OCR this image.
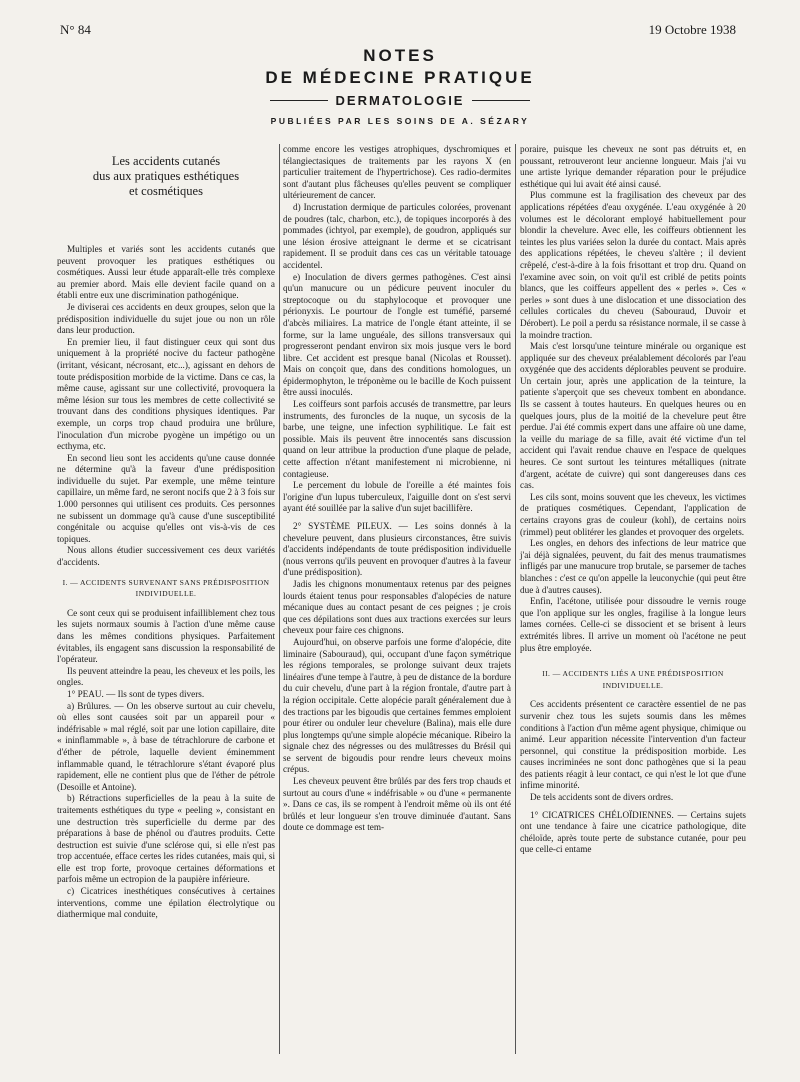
N° 84	19 Octobre 1938
NOTES
DE MÉDECINE PRATIQUE
DERMATOLOGIE
PUBLIÉES PAR LES SOINS DE A. SÉZARY
Les accidents cutanés
dus aux pratiques esthétiques
et cosmétiques

Multiples et variés sont les accidents cutanés que peuvent provoquer les pratiques esthétiques ou cosmétiques. Aussi leur étude apparaît-elle très complexe au premier abord. Mais elle devient facile quand on a établi entre eux une discrimination pathogénique.

Je diviserai ces accidents en deux groupes, selon que la prédisposition individuelle du sujet joue ou non un rôle dans leur production.

En premier lieu, il faut distinguer ceux qui sont dus uniquement à la propriété nocive du facteur pathogène (irritant, vésicant, nécrosant, etc...), agissant en dehors de toute prédisposition morbide de la victime. Dans ce cas, la même cause, agissant sur une collectivité, provoquera la même lésion sur tous les membres de cette collectivité se trouvant dans des conditions physiques identiques. Par exemple, un corps trop chaud produira une brûlure, l'inoculation d'un microbe pyogène un impétigo ou un ecthyma, etc.

En second lieu sont les accidents qu'une cause donnée ne détermine qu'à la faveur d'une prédisposition individuelle du sujet. Par exemple, une même teinture capillaire, un même fard, ne seront nocifs que 2 à 3 fois sur 1.000 personnes qui utilisent ces produits. Ces personnes ne subissent un dommage qu'à cause d'une susceptibilité congénitale ou acquise qu'elles ont vis-à-vis de ces topiques.

Nous allons étudier successivement ces deux variétés d'accidents.

I. — ACCIDENTS SURVENANT SANS PRÉDISPOSITION INDIVIDUELLE.

Ce sont ceux qui se produisent infailliblement chez tous les sujets normaux soumis à l'action d'une même cause dans les mêmes conditions physiques. Parfaitement évitables, ils engagent sans discussion la responsabilité de l'opérateur.

Ils peuvent atteindre la peau, les cheveux et les poils, les ongles.

1° PEAU. — Ils sont de types divers.

a) Brûlures. — On les observe surtout au cuir chevelu, où elles sont causées soit par un appareil pour « indéfrisable » mal réglé, soit par une lotion capillaire, dite « ininflammable », à base de tétrachlorure de carbone et d'éther de pétrole, laquelle devient éminemment inflammable quand, le tétrachlorure s'étant évaporé plus rapidement, elle ne contient plus que de l'éther de pétrole (Desoille et Antoine).

b) Rétractions superficielles de la peau à la suite de traitements esthétiques du type « peeling », consistant en une destruction très superficielle du derme par des préparations à base de phénol ou d'autres produits. Cette destruction est suivie d'une sclérose qui, si elle n'est pas trop accentuée, efface certes les rides cutanées, mais qui, si elle est trop forte, provoque certaines déformations et parfois même un ectropion de la paupière inférieure.

c) Cicatrices inesthétiques consécutives à certaines interventions, comme une épilation électrolytique ou diathermique mal conduite,

comme encore les vestiges atrophiques, dyschromiques et télangiectasiques de traitements par les rayons X (en particulier traitement de l'hypertrichose). Ces radio-dermites sont d'autant plus fâcheuses qu'elles peuvent se compliquer ultérieurement de cancer.

d) Incrustation dermique de particules colorées, provenant de poudres (talc, charbon, etc.), de topiques incorporés à des pommades (ichtyol, par exemple), de goudron, appliqués sur une lésion érosive atteignant le derme et se cicatrisant rapidement. Il se produit dans ces cas un véritable tatouage accidentel.

e) Inoculation de divers germes pathogènes. C'est ainsi qu'un manucure ou un pédicure peuvent inoculer du streptocoque ou du staphylocoque et provoquer une périonyxis. Le pourtour de l'ongle est tuméfié, parsemé d'abcès miliaires. La matrice de l'ongle étant atteinte, il se forme, sur la lame unguéale, des sillons transversaux qui progresseront pendant environ six mois jusque vers le bord libre. Cet accident est presque banal (Nicolas et Rousset). Mais on conçoit que, dans des conditions homologues, un épidermophyton, le tréponème ou le bacille de Koch puissent être aussi inoculés.

Les coiffeurs sont parfois accusés de transmettre, par leurs instruments, des furoncles de la nuque, un sycosis de la barbe, une teigne, une infection syphilitique. Le fait est possible. Mais ils peuvent être innocentés sans discussion quand on leur attribue la production d'une plaque de pelade, cette affection n'étant manifestement ni microbienne, ni contagieuse.

Le percement du lobule de l'oreille a été maintes fois l'origine d'un lupus tuberculeux, l'aiguille dont on s'est servi ayant été souillée par la salive d'un sujet bacillifère.

2° SYSTÈME PILEUX. — Les soins donnés à la chevelure peuvent, dans plusieurs circonstances, être suivis d'accidents indépendants de toute prédisposition individuelle (nous verrons qu'ils peuvent en provoquer d'autres à la faveur d'une prédisposition).

Jadis les chignons monumentaux retenus par des peignes lourds étaient tenus pour responsables d'alopécies de nature mécanique dues au contact pesant de ces peignes ; je crois que ces dépilations sont dues aux tractions exercées sur leurs cheveux pour faire ces chignons.

Aujourd'hui, on observe parfois une forme d'alopécie, dite liminaire (Sabouraud), qui, occupant d'une façon symétrique les régions temporales, se prolonge suivant deux trajets linéaires d'une tempe à l'autre, à peu de distance de la bordure du cuir chevelu, d'une part à la région frontale, d'autre part à la région occipitale. Cette alopécie paraît généralement due à des tractions par les bigoudis que certaines femmes emploient pour étirer ou onduler leur chevelure (Balina), mais elle dure plus longtemps qu'une simple alopécie mécanique. Ribeiro la signale chez des négresses ou des mulâtresses du Brésil qui se servent de bigoudis pour rendre leurs cheveux moins crépus.

Les cheveux peuvent être brûlés par des fers trop chauds et surtout au cours d'une « indéfrisable » ou d'une « permanente ». Dans ce cas, ils se rompent à l'endroit même où ils ont été brûlés et leur longueur s'en trouve diminuée d'autant. Sans doute ce dommage est tem-

poraire, puisque les cheveux ne sont pas détruits et, en poussant, retrouveront leur ancienne longueur. Mais j'ai vu une artiste lyrique demander réparation pour le préjudice esthétique qui lui avait été ainsi causé.

Plus commune est la fragilisation des cheveux par des applications répétées d'eau oxygénée. L'eau oxygénée à 20 volumes est le décolorant employé habituellement pour blondir la chevelure. Avec elle, les coiffeurs obtiennent les teintes les plus variées selon la durée du contact. Mais après des applications répétées, le cheveu s'altère ; il devient crêpelé, c'est-à-dire à la fois frisottant et trop dru. Quand on l'examine avec soin, on voit qu'il est criblé de petits points blancs, que les coiffeurs appellent des « perles ». Ces « perles » sont dues à une dislocation et une dissociation des cellules corticales du cheveu (Sabouraud, Duvoir et Dérobert). Le poil a perdu sa résistance normale, il se casse à la moindre traction.

Mais c'est lorsqu'une teinture minérale ou organique est appliquée sur des cheveux préalablement décolorés par l'eau oxygénée que des accidents déplorables peuvent se produire. Un certain jour, après une application de la teinture, la patiente s'aperçoit que ses cheveux tombent en abondance. Ils se cassent à toutes hauteurs. En quelques heures ou en quelques jours, plus de la moitié de la chevelure peut être perdue. J'ai été commis expert dans une affaire où une dame, la veille du mariage de sa fille, avait été victime d'un tel accident qui l'avait rendue chauve en l'espace de quelques heures. Ce sont surtout les teintures métalliques (nitrate d'argent, acétate de cuivre) qui sont dangereuses dans ces cas.

Les cils sont, moins souvent que les cheveux, les victimes de pratiques cosmétiques. Cependant, l'application de certains crayons gras de couleur (kohl), de certains noirs (rimmel) peut oblitérer les glandes et provoquer des orgelets.

Les ongles, en dehors des infections de leur matrice que j'ai déjà signalées, peuvent, du fait des menus traumatismes infligés par une manucure trop brutale, se parsemer de taches blanches : c'est ce qu'on appelle la leuconychie (qui peut être due à d'autres causes).

Enfin, l'acétone, utilisée pour dissoudre le vernis rouge que l'on applique sur les ongles, fragilise à la longue leurs lames cornées. Celle-ci se dissocient et se brisent à leurs extrémités libres. Il arrive un moment où l'acétone ne peut plus être employée.

II. — ACCIDENTS LIÉS A UNE PRÉDISPOSITION INDIVIDUELLE.

Ces accidents présentent ce caractère essentiel de ne pas survenir chez tous les sujets soumis dans les mêmes conditions à l'action d'un même agent physique, chimique ou animé. Leur apparition nécessite l'intervention d'un facteur personnel, qui constitue la prédisposition morbide. Les causes incriminées ne sont donc pathogènes que si la peau des patients réagit à leur contact, ce qui n'est le lot que d'une infime minorité.

De tels accidents sont de divers ordres.

1° CICATRICES CHÉLOÏDIENNES. — Certains sujets ont une tendance à faire une cicatrice pathologique, dite chéloïde, après toute perte de substance cutanée, pour peu que celle-ci entame
